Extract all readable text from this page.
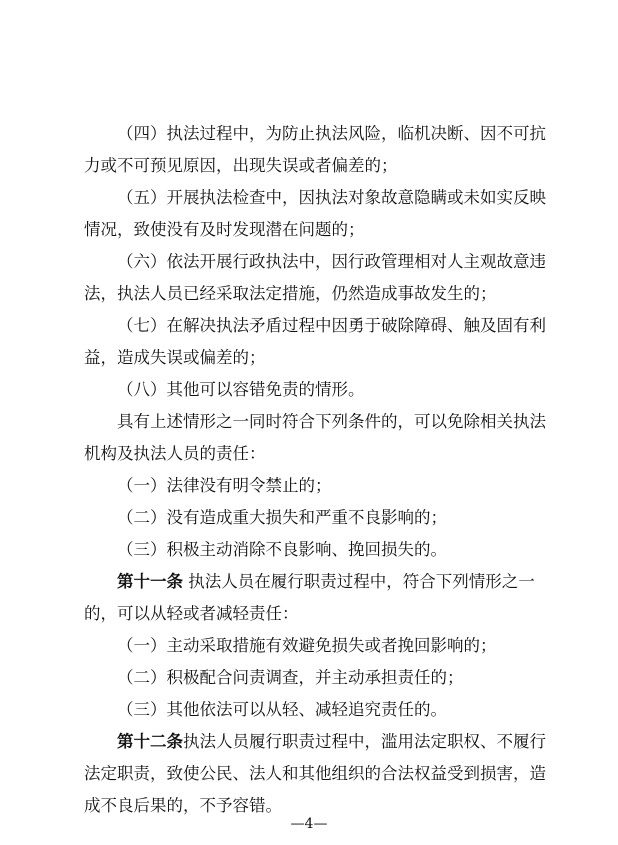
（四）执法过程中，为防止执法风险，临机决断、因不可抗
力或不可预见原因，出现失误或者偏差的；
（五）开展执法检查中，因执法对象故意隐瞒或未如实反映
情况，致使没有及时发现潜在问题的；
（六）依法开展行政执法中，因行政管理相对人主观故意违
法，执法人员已经采取法定措施，仍然造成事故发生的；
（七）在解决执法矛盾过程中因勇于破除障碍、触及固有利
益，造成失误或偏差的；
（八）其他可以容错免责的情形。
具有上述情形之一同时符合下列条件的，可以免除相关执法
机构及执法人员的责任：
（一）法律没有明令禁止的；
（二）没有造成重大损失和严重不良影响的；
（三）积极主动消除不良影响、挽回损失的。
第十一条 执法人员在履行职责过程中，符合下列情形之一
的，可以从轻或者减轻责任：
（一）主动采取措施有效避免损失或者挽回影响的；
（二）积极配合问责调查，并主动承担责任的；
（三）其他依法可以从轻、减轻追究责任的。
第十二条执法人员履行职责过程中，滥用法定职权、不履行
法定职责，致使公民、法人和其他组织的合法权益受到损害，造
成不良后果的，不予容错。
—4—
